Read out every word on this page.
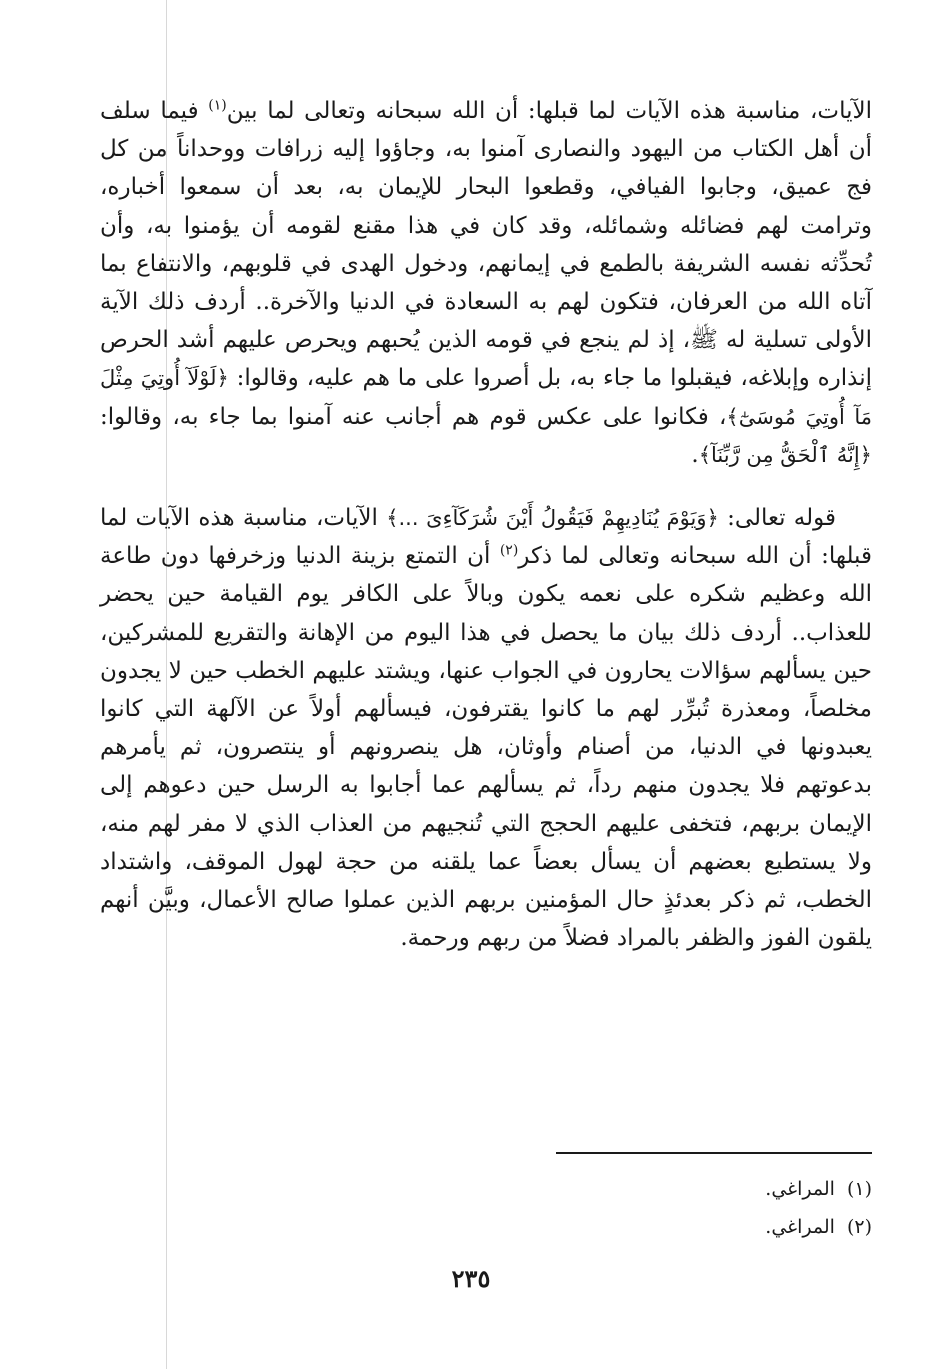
الآيات، مناسبة هذه الآيات لما قبلها: أن الله سبحانه وتعالى لما بين$^{(١)}$ فيما سلف أن أهل الكتاب من اليهود والنصارى آمنوا به، وجاؤوا إليه زرافات ووحداناً من كل فج عميق، وجابوا الفيافي، وقطعوا البحار للإيمان به، بعد أن سمعوا أخباره، وترامت لهم فضائله وشمائله، وقد كان في هذا مقنع لقومه أن يؤمنوا به، وأن تُحدِّثه نفسه الشريفة بالطمع في إيمانهم، ودخول الهدى في قلوبهم، والانتفاع بما آتاه الله من العرفان، فتكون لهم به السعادة في الدنيا والآخرة.. أردف ذلك الآية الأولى تسلية له ﷺ، إذ لم ينجع في قومه الذين يُحبهم ويحرص عليهم أشد الحرص إنذاره وإبلاغه، فيقبلوا ما جاء به، بل أصروا على ما هم عليه، وقالوا: ﴿لَوْلَآ أُوتِيَ مِثْلَ مَآ أُوتِيَ مُوسَىٰٓ﴾، فكانوا على عكس قوم هم أجانب عنه آمنوا بما جاء به، وقالوا: ﴿إِنَّهُ ٱلْحَقُّ مِن رَّبِّنَآ﴾.

قوله تعالى: ﴿وَيَوْمَ يُنَادِيهِمْ فَيَقُولُ أَيْنَ شُرَكَآءِىَ ...﴾ الآيات، مناسبة هذه الآيات لما قبلها: أن الله سبحانه وتعالى لما ذكر$^{(٢)}$ أن التمتع بزينة الدنيا وزخرفها دون طاعة الله وعظيم شكره على نعمه يكون وبالاً على الكافر يوم القيامة حين يحضر للعذاب.. أردف ذلك بيان ما يحصل في هذا اليوم من الإهانة والتقريع للمشركين، حين يسألهم سؤالات يحارون في الجواب عنها، ويشتد عليهم الخطب حين لا يجدون مخلصاً، ومعذرة تُبرِّر لهم ما كانوا يقترفون، فيسألهم أولاً عن الآلهة التي كانوا يعبدونها في الدنيا، من أصنام وأوثان، هل ينصرونهم أو ينتصرون، ثم يأمرهم بدعوتهم فلا يجدون منهم رداً، ثم يسألهم عما أجابوا به الرسل حين دعوهم إلى الإيمان بربهم، فتخفى عليهم الحجج التي تُنجيهم من العذاب الذي لا مفر لهم منه، ولا يستطيع بعضهم أن يسأل بعضاً عما يلقنه من حجة لهول الموقف، واشتداد الخطب، ثم ذكر بعدئذٍ حال المؤمنين بربهم الذين عملوا صالح الأعمال، وبيَّن أنهم يلقون الفوز والظفر بالمراد فضلاً من ربهم ورحمة.

(١)المراغي.

(٢)المراغي.

٢٣٥
